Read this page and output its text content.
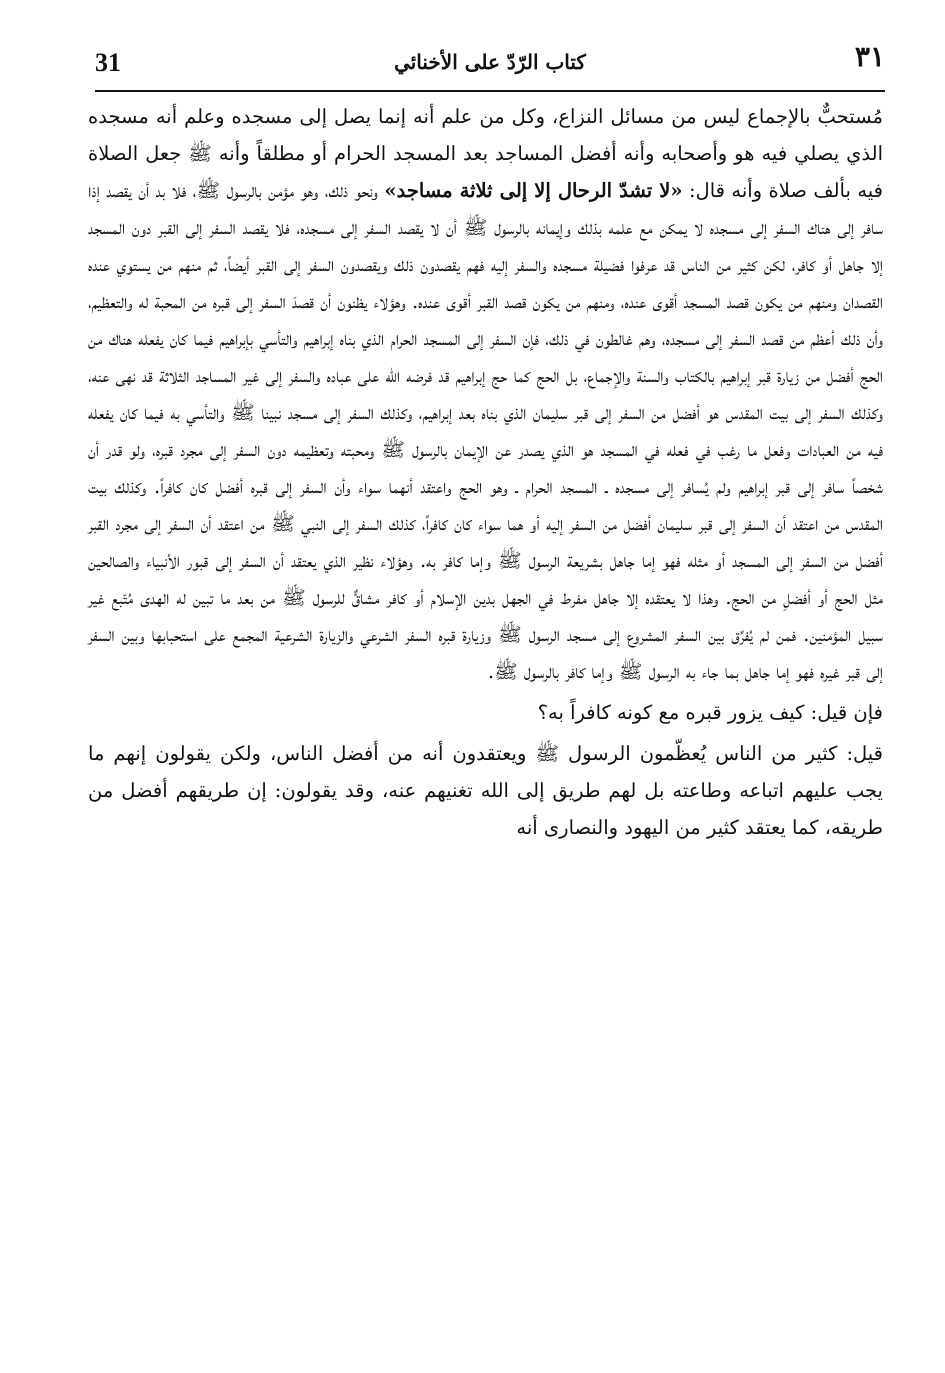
31	كتاب الرّدّ على الأخنائي	٣١

مُستحبٌّ بالإجماع ليس من مسائل النزاع، وكل من علم أنه إنما يصل إلى مسجده وعلم أنه مسجده الذي يصلي فيه هو وأصحابه وأنه أفضل المساجد بعد المسجد الحرام أو مطلقاً وأنه ﷺ جعل الصلاة فيه بألف صلاة وأنه قال: «لا تشدّ الرحال إلا إلى ثلاثة مساجد» ونحو ذلك، وهو مؤمن بالرسول ﷺ، فلا بد أن يقصد إذا سافر إلى هناك السفر إلى مسجده لا يمكن مع علمه بذلك وإيمانه بالرسول ﷺ أن لا يقصد السفر إلى مسجده، فلا يقصد السفر إلى القبر دون المسجد إلا جاهل أو كافر، لكن كثير من الناس قد عرفوا فضيلة مسجده والسفر إليه فهم يقصدون ذلك ويقصدون السفر إلى القبر أيضاً، ثم منهم من يستوي عنده القصدان ومنهم من يكون قصد المسجد أقوى عنده، ومنهم من يكون قصد القبر أقوى عنده. وهؤلاء يظنون أن قصدَ السفر إلى قبره من المحبة له والتعظيم، وأن ذلك أعظم من قصد السفر إلى مسجده، وهم غالطون في ذلك، فإن السفر إلى المسجد الحرام الذي بناه إبراهيم والتأسي بإبراهيم فيما كان يفعله هناك من الحج أفضل من زيارة قبر إبراهيم بالكتاب والسنة والإجماع، بل الحج كما حج إبراهيم قد فرضه الله على عباده والسفر إلى غير المساجد الثلاثة قد نهى عنه، وكذلك السفر إلى بيت المقدس هو أفضل من السفر إلى قبر سليمان الذي بناه بعد إبراهيم، وكذلك السفر إلى مسجد نبينا ﷺ والتأسي به فيما كان يفعله فيه من العبادات وفعل ما رغب في فعله في المسجد هو الذي يصدر عن الإيمان بالرسول ﷺ ومحبته وتعظيمه دون السفر إلى مجرد قبره، ولو قدر أن شخصاً سافر إلى قبر إبراهيم ولم يُسافر إلى مسجده ـ المسجد الحرام ـ وهو الحج واعتقد أنهما سواء وأن السفر إلى قبره أفضل كان كافراً. وكذلك بيت المقدس من اعتقد أن السفر إلى قبر سليمان أفضل من السفر إليه أو هما سواء كان كافراً، كذلك السفر إلى النبي ﷺ من اعتقد أن السفر إلى مجرد القبر أفضل من السفر إلى المسجد أو مثله فهو إما جاهل بشريعة الرسول ﷺ وإما كافر به. وهؤلاء نظير الذي يعتقد أن السفر إلى قبور الأنبياء والصالحين مثل الحج أو أفضلِ من الحج. وهذا لا يعتقده إلا جاهل مفرط في الجهل بدين الإسلام أو كافر مشاقٌّ للرسول ﷺ من بعد ما تبين له الهدى مُتّبع غير سبيل المؤمنين. فمن لم يُفرِّق بين السفر المشروع إلى مسجد الرسول ﷺ وزيارة قبره السفر الشرعي والزيارة الشرعية المجمع على استحبابها وبين السفر إلى قبر غيره فهو إما جاهل بما جاء به الرسول ﷺ وإما كافر بالرسول ﷺ.

فإن قيل: كيف يزور قبره مع كونه كافراً به؟

قيل: كثير من الناس يُعظّمون الرسول ﷺ ويعتقدون أنه من أفضل الناس، ولكن يقولون إنهم ما يجب عليهم اتباعه وطاعته بل لهم طريق إلى الله تغنيهم عنه، وقد يقولون: إن طريقهم أفضل من طريقه، كما يعتقد كثير من اليهود والنصارى أنه
